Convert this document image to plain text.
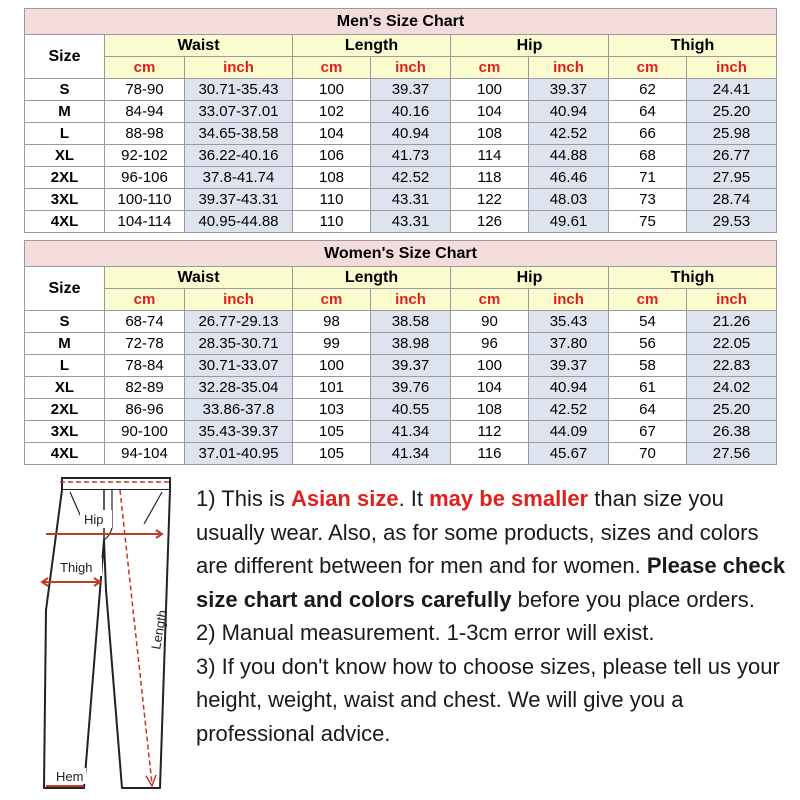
Men's Size Chart								
Size	Waist		Length		Hip		Thigh	
	cm	inch	cm	inch	cm	inch	cm	inch
S	78-90	30.71-35.43	100	39.37	100	39.37	62	24.41
M	84-94	33.07-37.01	102	40.16	104	40.94	64	25.20
L	88-98	34.65-38.58	104	40.94	108	42.52	66	25.98
XL	92-102	36.22-40.16	106	41.73	114	44.88	68	26.77
2XL	96-106	37.8-41.74	108	42.52	118	46.46	71	27.95
3XL	100-110	39.37-43.31	110	43.31	122	48.03	73	28.74
4XL	104-114	40.95-44.88	110	43.31	126	49.61	75	29.53
Women's Size Chart								
Size	Waist		Length		Hip		Thigh	
	cm	inch	cm	inch	cm	inch	cm	inch
S	68-74	26.77-29.13	98	38.58	90	35.43	54	21.26
M	72-78	28.35-30.71	99	38.98	96	37.80	56	22.05
L	78-84	30.71-33.07	100	39.37	100	39.37	58	22.83
XL	82-89	32.28-35.04	101	39.76	104	40.94	61	24.02
2XL	86-96	33.86-37.8	103	40.55	108	42.52	64	25.20
3XL	90-100	35.43-39.37	105	41.34	112	44.09	67	26.38
4XL	94-104	37.01-40.95	105	41.34	116	45.67	70	27.56
Hip
Thigh
Length
Hem

1) This is Asian size. It may be smaller than size you usually wear. Also, as for some products, sizes and colors are different between for men and for women. Please check size chart and colors carefully before you place orders.

2) Manual measurement. 1-3cm error will exist.

3) If you don't know how to choose sizes, please tell us your height, weight, waist and chest. We will give you a professional advice.
